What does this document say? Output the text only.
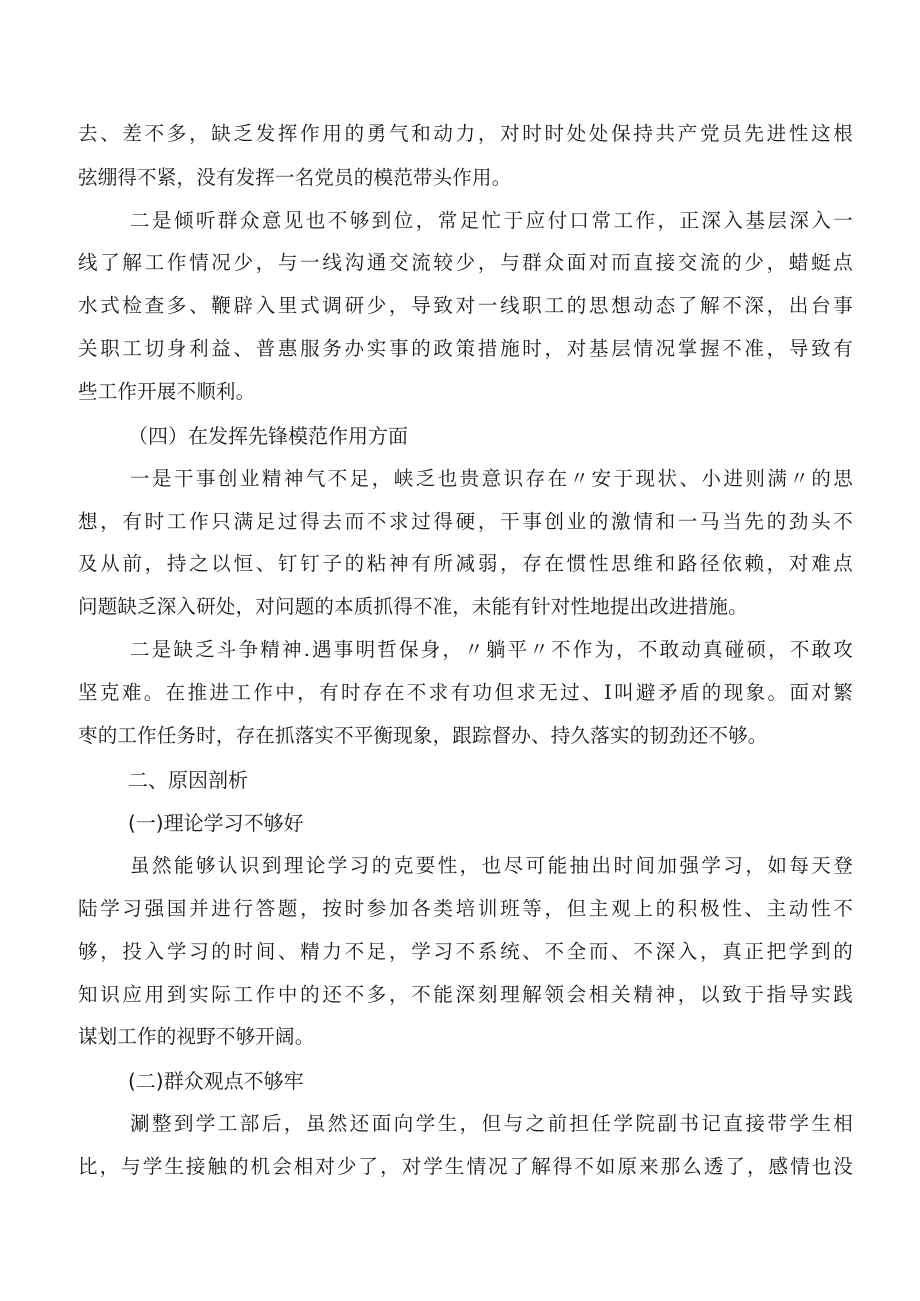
去、差不多，缺乏发挥作用的勇气和动力，对时时处处保持共产党员先进性这根
弦绷得不紧，没有发挥一名党员的模范带头作用。
二是倾听群众意见也不够到位，常足忙于应付口常工作，正深入基层深入一
线了解工作情况少，与一线沟通交流较少，与群众面对而直接交流的少，蜡蜓点
水式检查多、鞭辟入里式调研少，导致对一线职工的思想动态了解不深，出台事
关职工切身利益、普惠服务办实事的政策措施时，对基层情况掌握不准，导致有
些工作开展不顺利。
（四）在发挥先锋模范作用方面
一是干事创业精神气不足，峡乏也贵意识存在〃安于现状、小进则满〃的思
想，有时工作只满足过得去而不求过得硬，干事创业的激情和一马当先的劲头不
及从前，持之以恒、钉钉子的粘神有所减弱，存在惯性思维和路径依赖，对难点
问题缺乏深入研处，对问题的本质抓得不准，未能有针对性地提出改进措施。
二是缺乏斗争精神.遇事明哲保身，〃躺平〃不作为，不敢动真碰硕，不敢攻
坚克难。在推进工作中，有时存在不求有功但求无过、I叫避矛盾的现象。面对繁
枣的工作任务时，存在抓落实不平衡现象，跟踪督办、持久落实的韧劲还不够。
二、原因剖析
(一)理论学习不够好
虽然能够认识到理论学习的克要性，也尽可能抽出时间加强学习，如每天登
陆学习强国并进行答题，按时参加各类培训班等，但主观上的积极性、主动性不
够，投入学习的时间、精力不足，学习不系统、不全而、不深入，真正把学到的
知识应用到实际工作中的还不多，不能深刻理解领会相关精神，以致于指导实践
谋划工作的视野不够开阔。
(二)群众观点不够牢
涮整到学工部后，虽然还面向学生，但与之前担任学院副书记直接带学生相
比，与学生接触的机会相对少了，对学生情况了解得不如原来那么透了，感情也没
